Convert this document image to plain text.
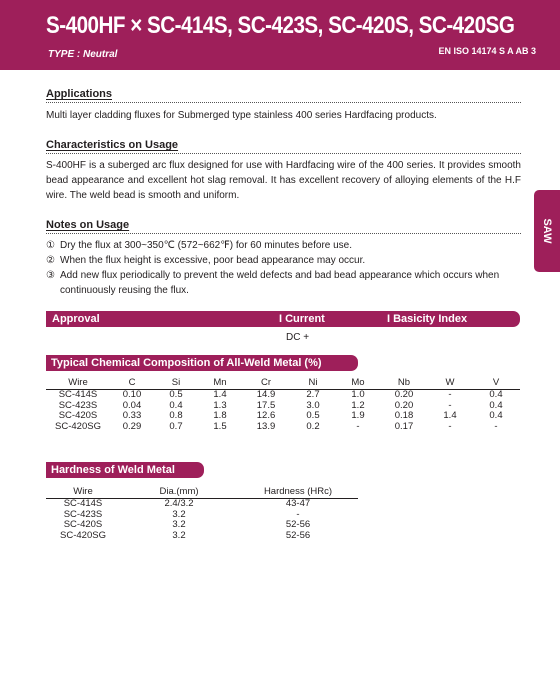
S-400HF × SC-414S, SC-423S, SC-420S, SC-420SG
TYPE : Neutral	EN ISO 14174 S A AB 3
SAW
Applications
Multi layer cladding fluxes for Submerged type stainless 400 series Hardfacing products.
Characteristics on Usage
S-400HF is a suberged arc flux designed for use with Hardfacing wire of the 400 series. It provides smooth bead appearance and excellent hot slag removal. It has excellent recovery of alloying elements of the H.F wire. The weld bead is smooth and uniform.
Notes on Usage
① Dry the flux at 300~350℃ (572~662℉) for 60 minutes before use.
② When the flux height is excessive, poor bead appearance may occur.
③ Add new flux periodically to prevent the weld defects and bad bead appearance which occurs when continuously reusing the flux.
Approval	I Current	I Basicity Index
DC +
Typical Chemical Composition of All-Weld Metal (%)
Wire	C	Si	Mn	Cr	Ni	Mo	Nb	W	V
SC-414S	0.10	0.5	1.4	14.9	2.7	1.0	0.20	-	0.4
SC-423S	0.04	0.4	1.3	17.5	3.0	1.2	0.20	-	0.4
SC-420S	0.33	0.8	1.8	12.6	0.5	1.9	0.18	1.4	0.4
SC-420SG	0.29	0.7	1.5	13.9	0.2	-	0.17	-	-
Hardness of Weld Metal
Wire	Dia.(mm)	Hardness (HRc)
SC-414S	2.4/3.2	43-47
SC-423S	3.2	-
SC-420S	3.2	52-56
SC-420SG	3.2	52-56
